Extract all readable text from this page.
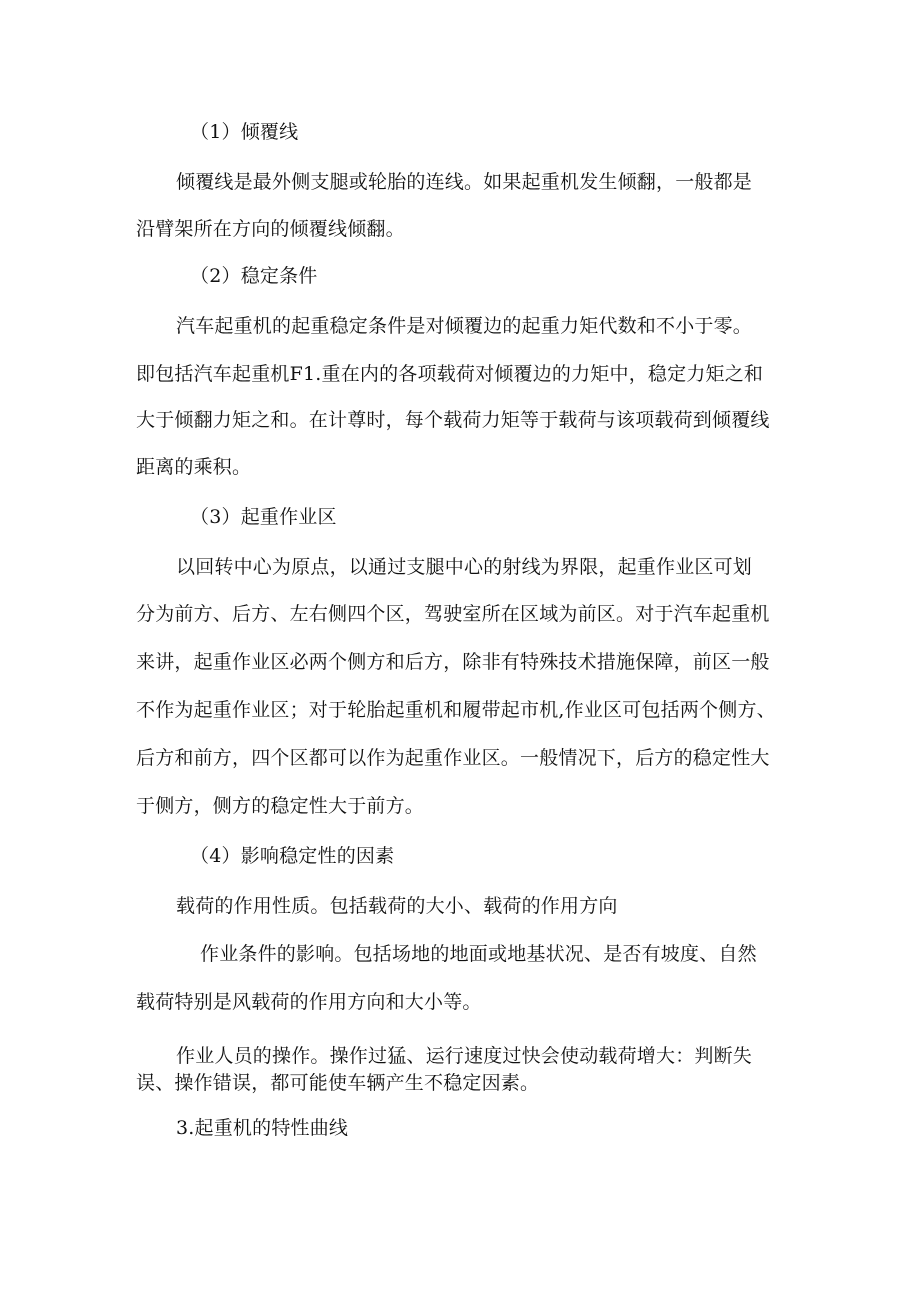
（1）倾覆线
倾覆线是最外侧支腿或轮胎的连线。如果起重机发生倾翻，一般都是
沿臂架所在方向的倾覆线倾翻。
（2）稳定条件
汽车起重机的起重稳定条件是对倾覆边的起重力矩代数和不小于零。
即包括汽车起重机F1.重在内的各项载荷对倾覆边的力矩中，稳定力矩之和
大于倾翻力矩之和。在计尊时，每个载荷力矩等于载荷与该项载荷到倾覆线
距离的乘积。
（3）起重作业区
以回转中心为原点，以通过支腿中心的射线为界限，起重作业区可划
分为前方、后方、左右侧四个区，驾驶室所在区域为前区。对于汽车起重机
来讲，起重作业区必两个侧方和后方，除非有特殊技术措施保障，前区一般
不作为起重作业区；对于轮胎起重机和履带起市机,作业区可包括两个侧方、
后方和前方，四个区都可以作为起重作业区。一般情况下，后方的稳定性大
于侧方，侧方的稳定性大于前方。
（4）影响稳定性的因素
载荷的作用性质。包括载荷的大小、载荷的作用方向
作业条件的影响。包括场地的地面或地基状况、是否有坡度、自然
载荷特别是风载荷的作用方向和大小等。
作业人员的操作。操作过猛、运行速度过快会使动载荷增大：判断失
误、操作错误，都可能使车辆产生不稳定因素。
3.起重机的特性曲线
